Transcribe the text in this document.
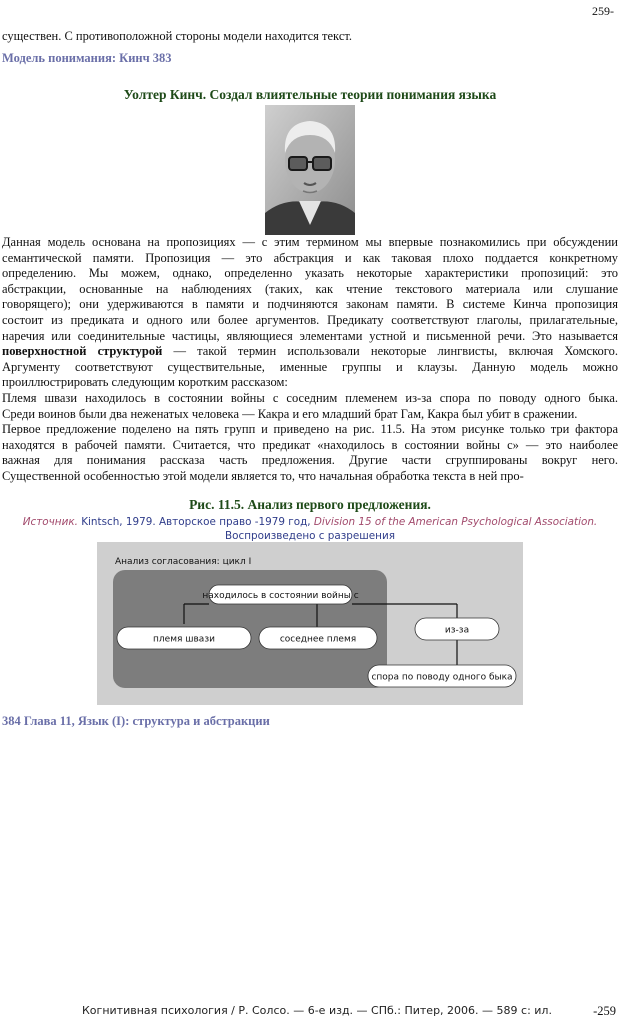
259-
существен. С противоположной стороны модели находится текст.
Модель понимания: Кинч 383
Уолтер Кинч. Создал влиятельные теории понимания языка

Данная модель основана на пропозициях — с этим термином мы впервые познакомились при обсуждении

семантической памяти. Пропозиция — это абстракция и как таковая плохо поддается конкретному

определению. Мы можем, однако, определенно указать некоторые характеристики пропозиций: это

абстракции, основанные на наблюдениях (таких, как чтение текстового материала или слушание

говорящего); они удерживаются в памяти и подчиняются законам памяти. В системе Кинча пропозиция

состоит из предиката и одного или более аргументов. Предикату соответствуют глаголы, прилагательные,

наречия или соединительные частицы, являющиеся элементами устной и письменной речи. Это называется

поверхностной структурой — такой термин использовали некоторые лингвисты, включая Хомского.

Аргументу соответствуют существительные, именные группы и клаузы. Данную модель можно

проиллюстрировать следующим коротким рассказом:

Племя швази находилось в состоянии войны с соседним племенем из-за спора по поводу одного быка.

Среди воинов были два неженатых человека — Какра и его младший брат Гам, Какра был убит в сражении.

Первое предложение поделено на пять групп и приведено на рис. 11.5. На этом рисунке только три фактора

находятся в рабочей памяти. Считается, что предикат «находилось в состоянии войны с» — это наиболее

важная для понимания рассказа часть предложения. Другие части сгруппированы вокруг него.

Существенной особенностью этой модели является то, что начальная обработка текста в ней про-

Рис. 11.5. Анализ первого предложения.
Источник. Kintsch, 1979. Авторское право -1979 год, Division 15 of the American Psychological Association.
Воспроизведено с разрешения
Анализ согласования: цикл I
находилось в состоянии войны с
племя швази	соседнее племя
из-за
спора по поводу одного быка
384 Глава 11, Язык (I): структура и абстракции
Когнитивная психология / Р. Солсо. — 6-е изд. — СПб.: Питер, 2006. — 589 с: ил.	-259
